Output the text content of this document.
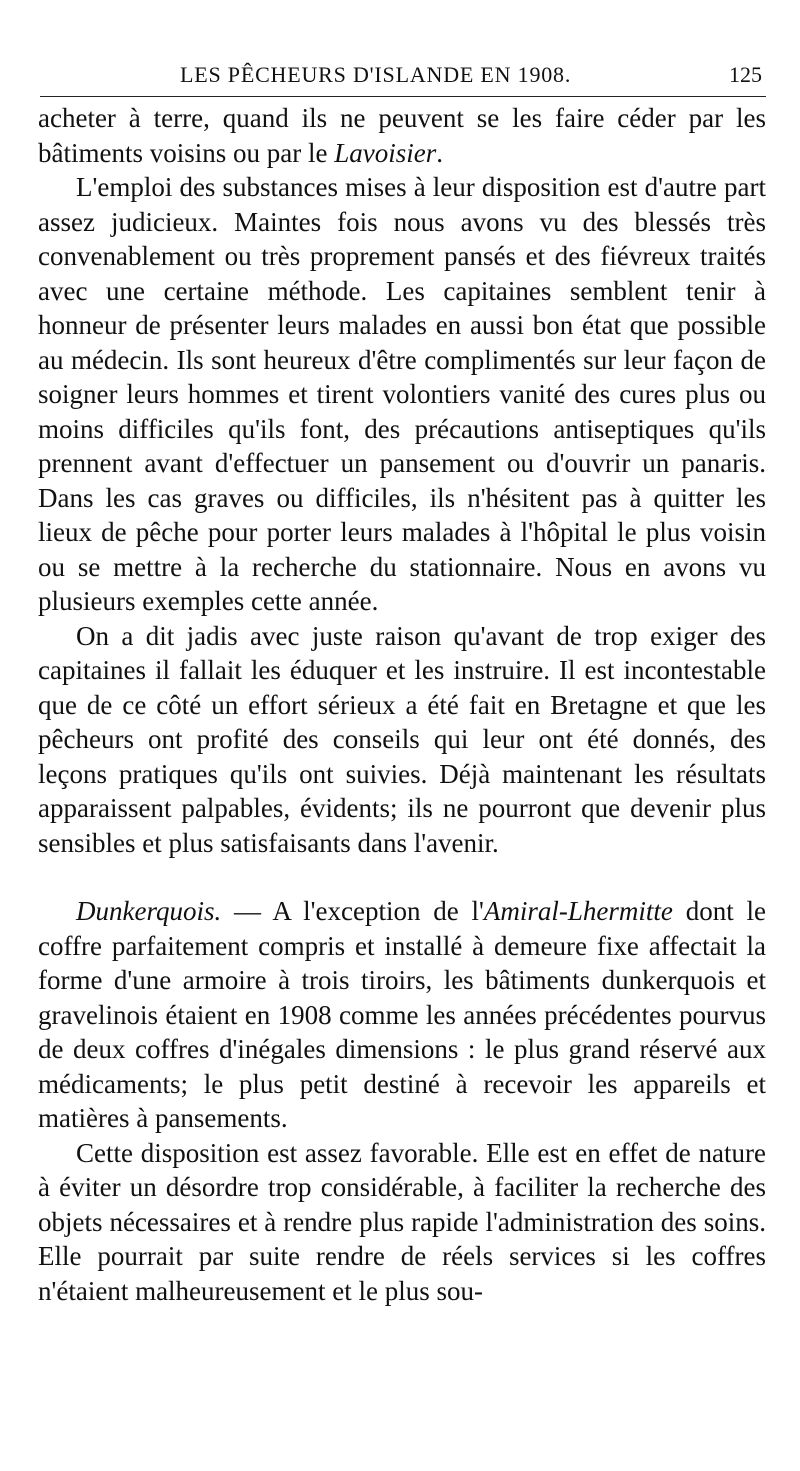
LES PÊCHEURS D'ISLANDE EN 1908.	125

acheter à terre, quand ils ne peuvent se les faire céder par les bâtiments voisins ou par le Lavoisier.

L'emploi des substances mises à leur disposition est d'autre part assez judicieux. Maintes fois nous avons vu des blessés très convenablement ou très proprement pansés et des fiévreux traités avec une certaine méthode. Les capitaines semblent tenir à honneur de présenter leurs malades en aussi bon état que possible au médecin. Ils sont heureux d'être complimentés sur leur façon de soigner leurs hommes et tirent volontiers vanité des cures plus ou moins difficiles qu'ils font, des précautions antiseptiques qu'ils prennent avant d'effectuer un pansement ou d'ouvrir un panaris. Dans les cas graves ou difficiles, ils n'hésitent pas à quitter les lieux de pêche pour porter leurs malades à l'hôpital le plus voisin ou se mettre à la recherche du stationnaire. Nous en avons vu plusieurs exemples cette année.

On a dit jadis avec juste raison qu'avant de trop exiger des capitaines il fallait les éduquer et les instruire. Il est incontestable que de ce côté un effort sérieux a été fait en Bretagne et que les pêcheurs ont profité des conseils qui leur ont été donnés, des leçons pratiques qu'ils ont suivies. Déjà maintenant les résultats apparaissent palpables, évidents; ils ne pourront que devenir plus sensibles et plus satisfaisants dans l'avenir.

Dunkerquois. — A l'exception de l'Amiral-Lhermitte dont le coffre parfaitement compris et installé à demeure fixe affectait la forme d'une armoire à trois tiroirs, les bâtiments dunkerquois et gravelinois étaient en 1908 comme les années précédentes pourvus de deux coffres d'inégales dimensions : le plus grand réservé aux médicaments; le plus petit destiné à recevoir les appareils et matières à pansements.

Cette disposition est assez favorable. Elle est en effet de nature à éviter un désordre trop considérable, à faciliter la recherche des objets nécessaires et à rendre plus rapide l'administration des soins. Elle pourrait par suite rendre de réels services si les coffres n'étaient malheureusement et le plus sou-
